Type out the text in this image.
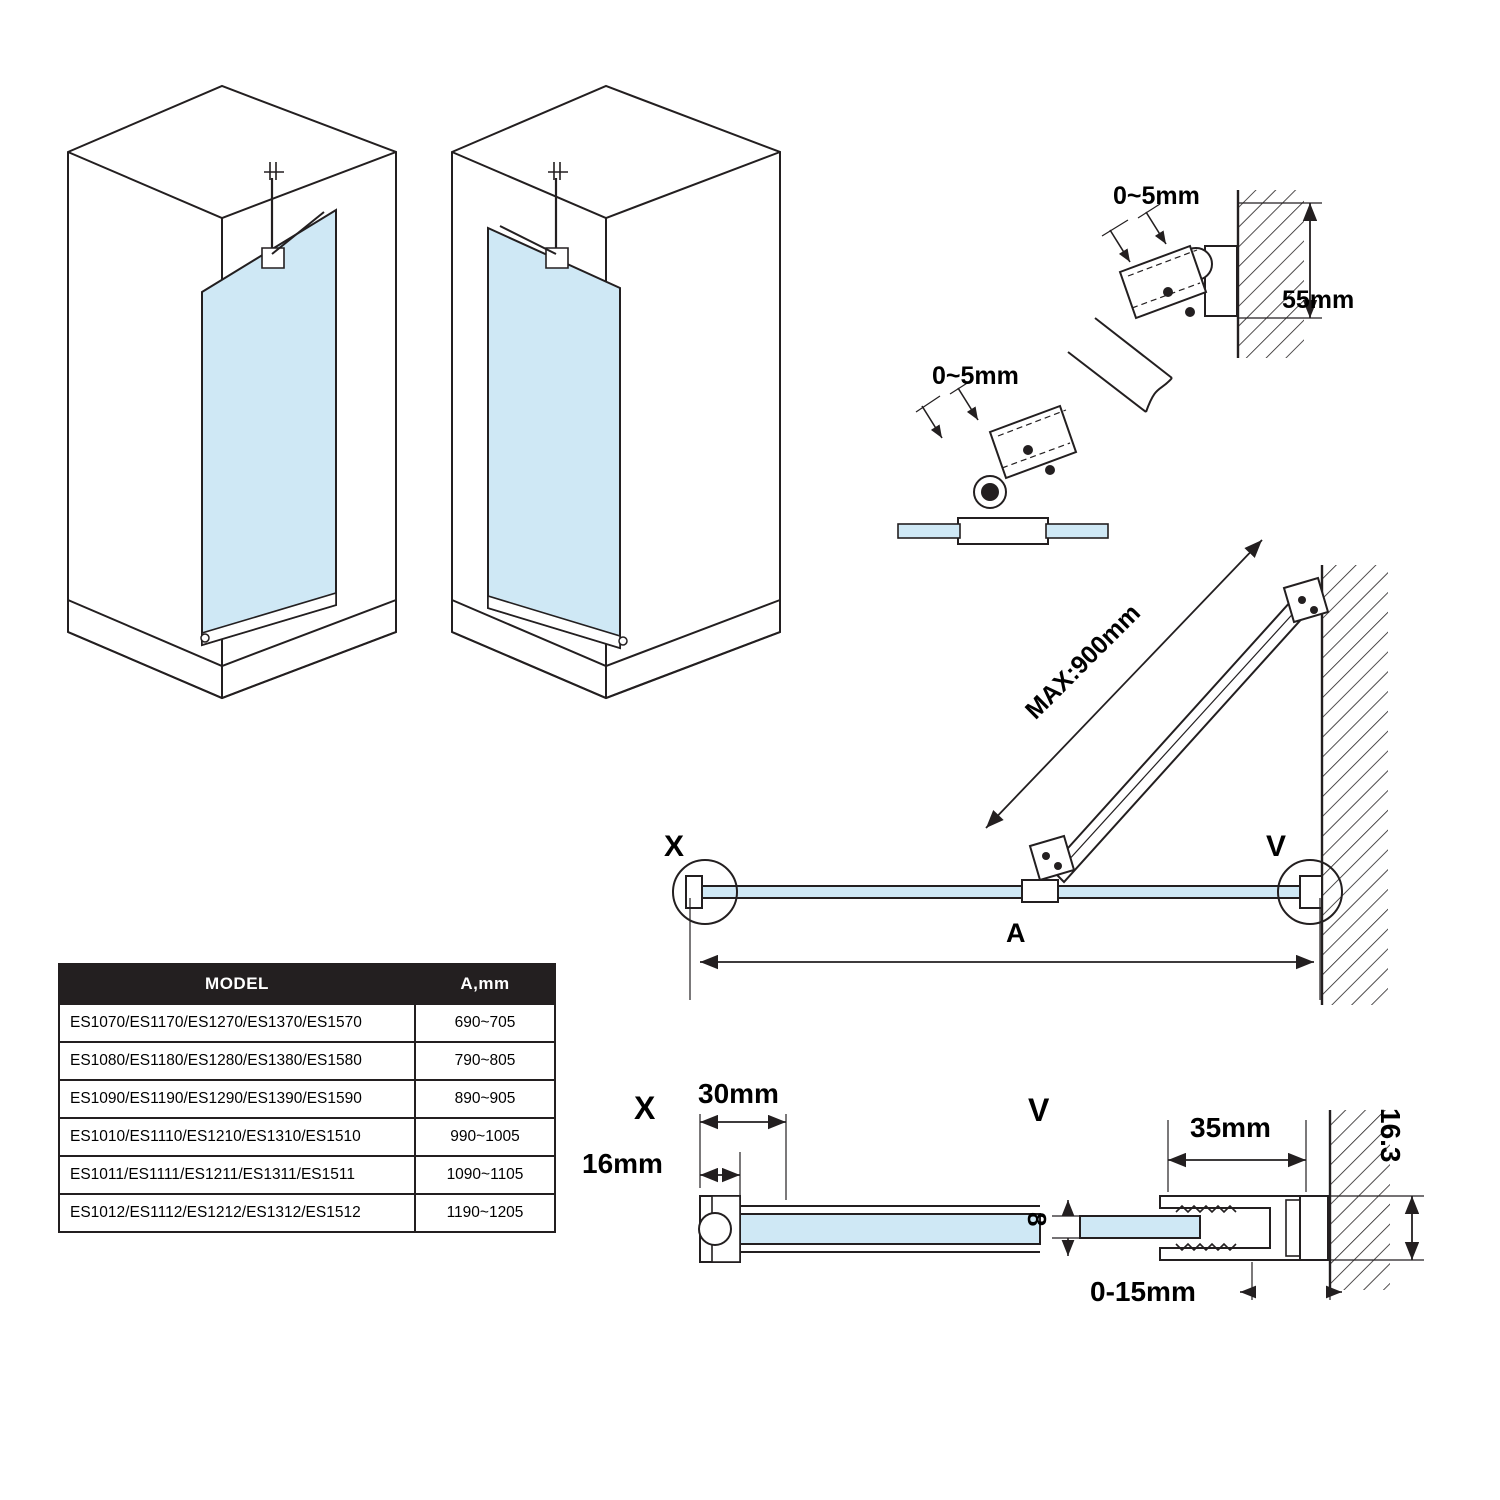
0~5mm
55mm
0~5mm
MAX:900mm
A
X	V
X 30mm
16mm
V	35mm	16.3
8
0-15mm
MODEL	A,mm
ES1070/ES1170/ES1270/ES1370/ES1570	690~705
ES1080/ES1180/ES1280/ES1380/ES1580	790~805
ES1090/ES1190/ES1290/ES1390/ES1590	890~905
ES1010/ES1110/ES1210/ES1310/ES1510	990~1005
ES1011/ES1111/ES1211/ES1311/ES1511	1090~1105
ES1012/ES1112/ES1212/ES1312/ES1512	1190~1205
